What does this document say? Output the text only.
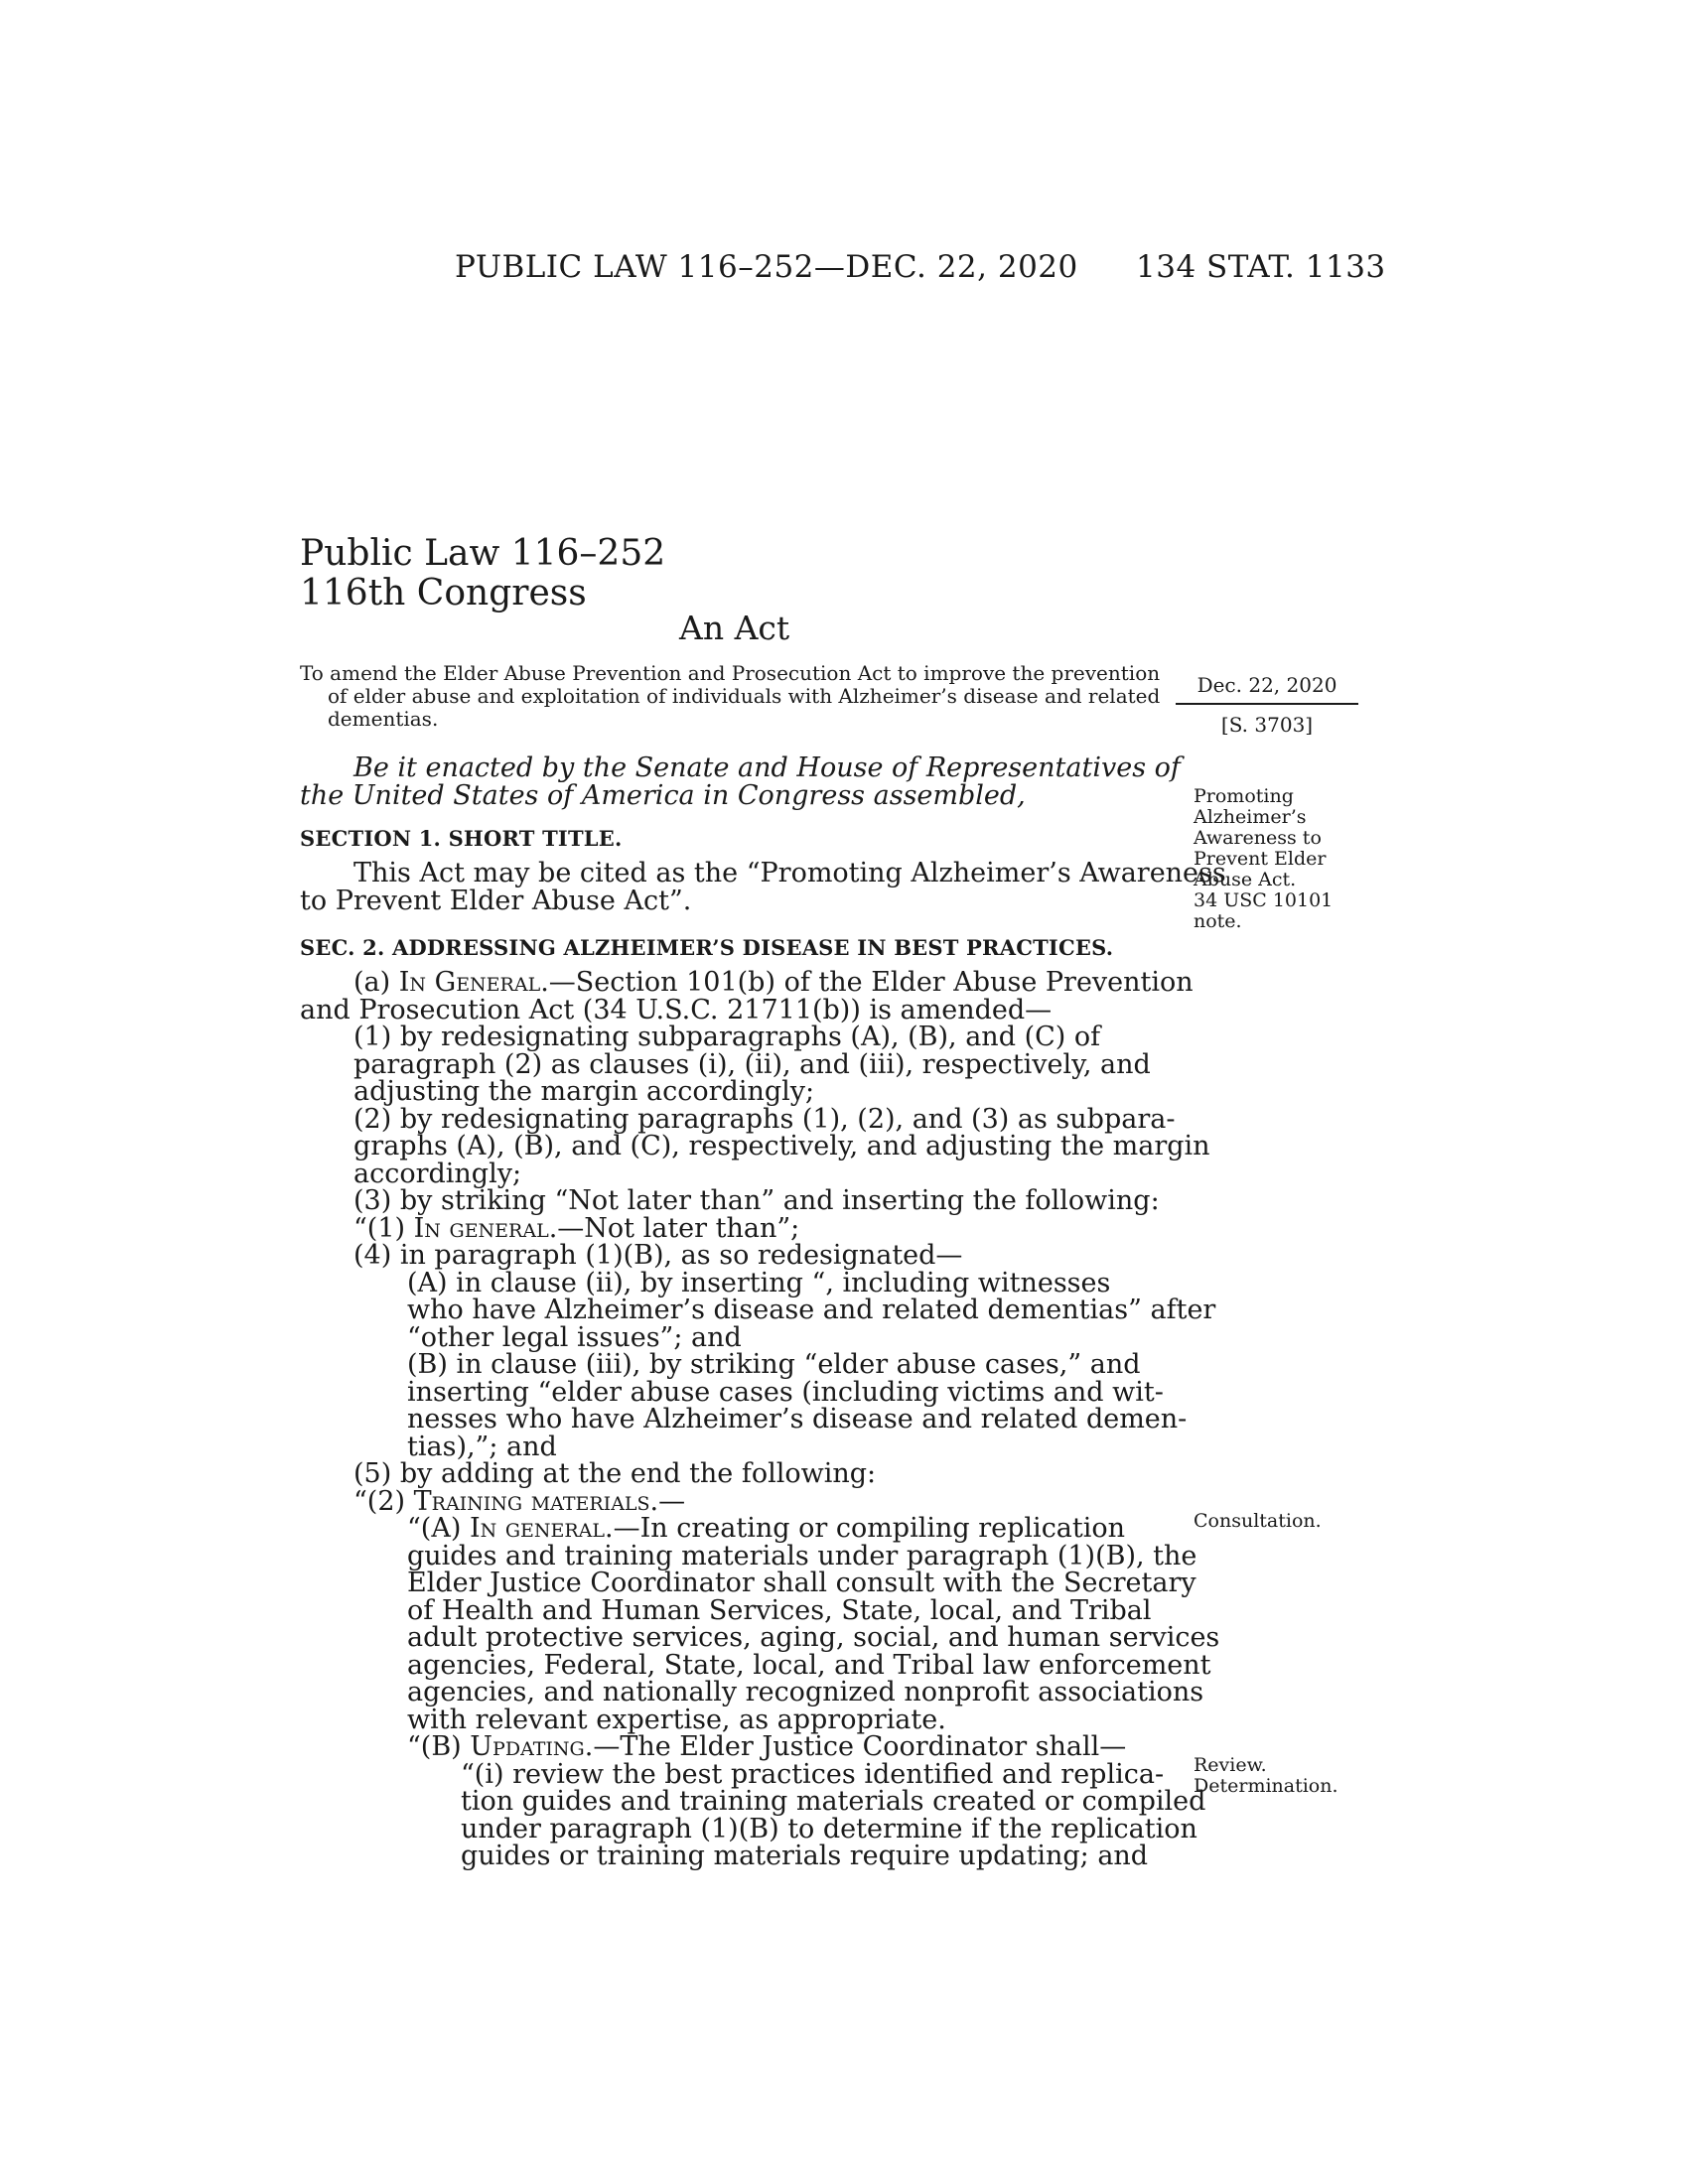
PUBLIC LAW 116–252—DEC. 22, 2020 134 STAT. 1133
Public Law 116–252
116th Congress
An Act
To amend the Elder Abuse Prevention and Prosecution Act to improve the prevention
of elder abuse and exploitation of individuals with Alzheimer’s disease and related
dementias.
Dec. 22, 2020
[S. 3703]
Be it enacted by the Senate and House of Representatives of
the United States of America in Congress assembled,	Promoting
Alzheimer’s
Awareness to
Prevent Elder
Abuse Act.
34 USC 10101
note.
SECTION 1. SHORT TITLE.
This Act may be cited as the “Promoting Alzheimer’s Awareness
to Prevent Elder Abuse Act”.
SEC. 2. ADDRESSING ALZHEIMER’S DISEASE IN BEST PRACTICES.
(a) In General.—Section 101(b) of the Elder Abuse Prevention
and Prosecution Act (34 U.S.C. 21711(b)) is amended—
(1) by redesignating subparagraphs (A), (B), and (C) of
paragraph (2) as clauses (i), (ii), and (iii), respectively, and
adjusting the margin accordingly;
(2) by redesignating paragraphs (1), (2), and (3) as subpara-
graphs (A), (B), and (C), respectively, and adjusting the margin
accordingly;
(3) by striking “Not later than” and inserting the following:
“(1) In general.—Not later than”;
(4) in paragraph (1)(B), as so redesignated—
(A) in clause (ii), by inserting “, including witnesses
who have Alzheimer’s disease and related dementias” after
“other legal issues”; and
(B) in clause (iii), by striking “elder abuse cases,” and
inserting “elder abuse cases (including victims and wit-
nesses who have Alzheimer’s disease and related demen-
tias),”; and
(5) by adding at the end the following:
“(2) Training materials.—
“(A) In general.—In creating or compiling replication
guides and training materials under paragraph (1)(B), the
Elder Justice Coordinator shall consult with the Secretary
of Health and Human Services, State, local, and Tribal
adult protective services, aging, social, and human services
agencies, Federal, State, local, and Tribal law enforcement
agencies, and nationally recognized nonprofit associations
with relevant expertise, as appropriate.
“(B) Updating.—The Elder Justice Coordinator shall—
“(i) review the best practices identified and replica-
tion guides and training materials created or compiled
under paragraph (1)(B) to determine if the replication
guides or training materials require updating; and
Consultation.
Review.
Determination.
